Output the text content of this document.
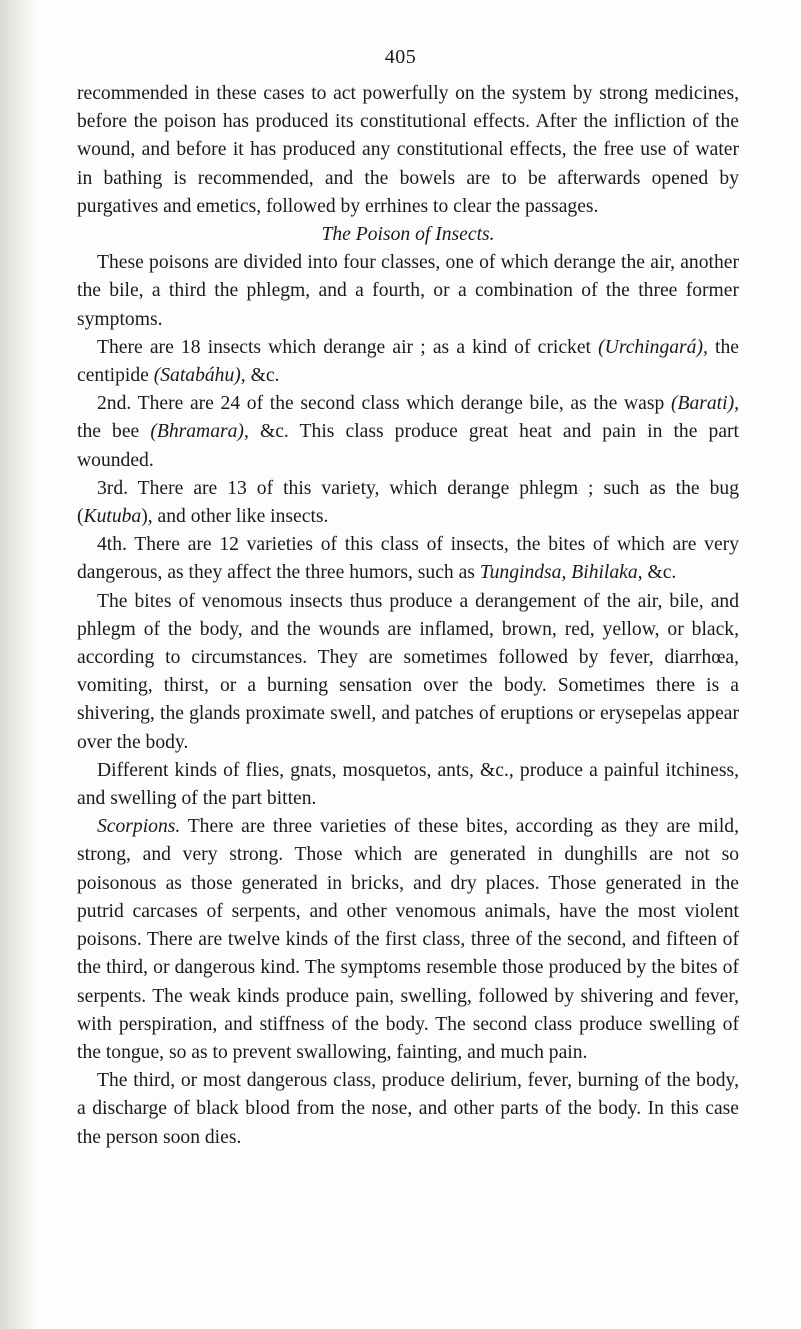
405

recommended in these cases to act powerfully on the system by strong medicines, before the poison has produced its constitutional effects. After the infliction of the wound, and before it has produced any constitutional effects, the free use of water in bathing is recommended, and the bowels are to be afterwards opened by purgatives and emetics, followed by errhines to clear the passages.

The Poison of Insects.

These poisons are divided into four classes, one of which derange the air, another the bile, a third the phlegm, and a fourth, or a combination of the three former symptoms.

There are 18 insects which derange air ; as a kind of cricket (Urchingará), the centipide (Satabáhu), &c.

2nd. There are 24 of the second class which derange bile, as the wasp (Barati), the bee (Bhramara), &c. This class produce great heat and pain in the part wounded.

3rd. There are 13 of this variety, which derange phlegm ; such as the bug (Kutuba), and other like insects.

4th. There are 12 varieties of this class of insects, the bites of which are very dangerous, as they affect the three humors, such as Tungindsa, Bihilaka, &c.

The bites of venomous insects thus produce a derangement of the air, bile, and phlegm of the body, and the wounds are inflamed, brown, red, yellow, or black, according to circumstances. They are sometimes followed by fever, diarrhœa, vomiting, thirst, or a burning sensation over the body. Sometimes there is a shivering, the glands proximate swell, and patches of eruptions or erysepelas appear over the body.

Different kinds of flies, gnats, mosquetos, ants, &c., produce a painful itchiness, and swelling of the part bitten.

Scorpions. There are three varieties of these bites, according as they are mild, strong, and very strong. Those which are generated in dunghills are not so poisonous as those generated in bricks, and dry places. Those generated in the putrid carcases of serpents, and other venomous animals, have the most violent poisons. There are twelve kinds of the first class, three of the second, and fifteen of the third, or dangerous kind. The symptoms resemble those produced by the bites of serpents. The weak kinds produce pain, swelling, followed by shivering and fever, with perspiration, and stiffness of the body. The second class produce swelling of the tongue, so as to prevent swallowing, fainting, and much pain.

The third, or most dangerous class, produce delirium, fever, burning of the body, a discharge of black blood from the nose, and other parts of the body. In this case the person soon dies.
